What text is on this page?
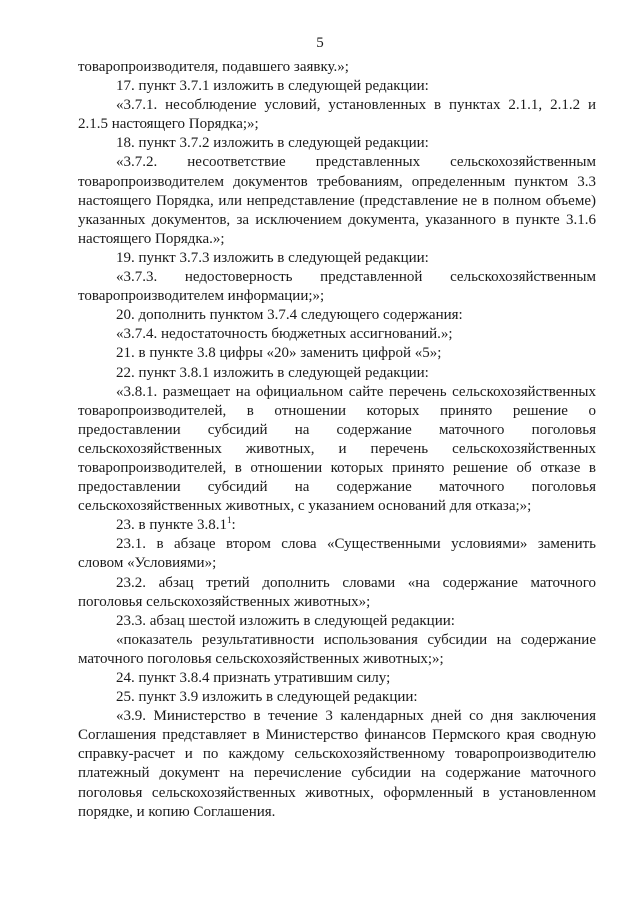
5

товаропроизводителя, подавшего заявку.»;

17. пункт 3.7.1 изложить в следующей редакции:

«3.7.1. несоблюдение условий, установленных в пунктах 2.1.1, 2.1.2 и 2.1.5 настоящего Порядка;»;

18. пункт 3.7.2 изложить в следующей редакции:

«3.7.2. несоответствие представленных сельскохозяйственным товаропроизводителем документов требованиям, определенным пунктом 3.3 настоящего Порядка, или непредставление (представление не в полном объеме) указанных документов, за исключением документа, указанного в пункте 3.1.6 настоящего Порядка.»;

19. пункт 3.7.3 изложить в следующей редакции:

«3.7.3. недостоверность представленной сельскохозяйственным товаропроизводителем информации;»;

20. дополнить пунктом 3.7.4 следующего содержания:

«3.7.4. недостаточность бюджетных ассигнований.»;

21. в пункте 3.8 цифры «20» заменить цифрой «5»;

22. пункт 3.8.1 изложить в следующей редакции:

«3.8.1. размещает на официальном сайте перечень сельскохозяйственных товаропроизводителей, в отношении которых принято решение о предоставлении субсидий на содержание маточного поголовья сельскохозяйственных животных, и перечень сельскохозяйственных товаропроизводителей, в отношении которых принято решение об отказе в предоставлении субсидий на содержание маточного поголовья сельскохозяйственных животных, с указанием оснований для отказа;»;

23. в пункте 3.8.1$^1$:

23.1. в абзаце втором слова «Существенными условиями» заменить словом «Условиями»;

23.2. абзац третий дополнить словами «на содержание маточного поголовья сельскохозяйственных животных»;

23.3. абзац шестой изложить в следующей редакции:

«показатель результативности использования субсидии на содержание маточного поголовья сельскохозяйственных животных;»;

24. пункт 3.8.4 признать утратившим силу;

25. пункт 3.9 изложить в следующей редакции:

«3.9. Министерство в течение 3 календарных дней со дня заключения Соглашения представляет в Министерство финансов Пермского края сводную справку-расчет и по каждому сельскохозяйственному товаропроизводителю платежный документ на перечисление субсидии на содержание маточного поголовья сельскохозяйственных животных, оформленный в установленном порядке, и копию Соглашения.
